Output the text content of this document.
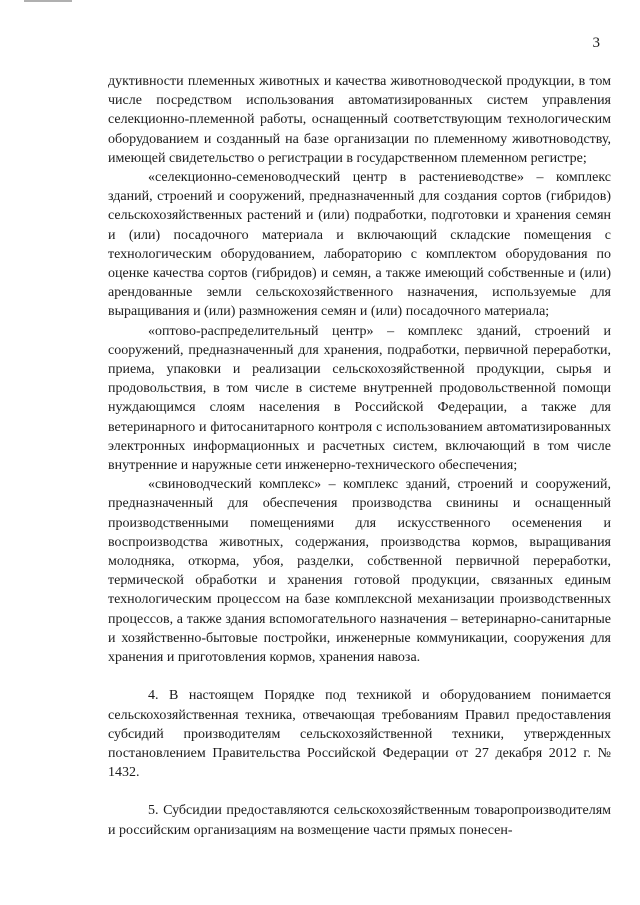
3

дуктивности племенных животных и качества животноводческой продукции, в том числе посредством использования автоматизированных систем управления селекционно-племенной работы, оснащенный соответствующим технологическим оборудованием и созданный на базе организации по племенному животноводству, имеющей свидетельство о регистрации в государственном племенном регистре;

«селекционно-семеноводческий центр в растениеводстве» – комплекс зданий, строений и сооружений, предназначенный для создания сортов (гибридов) сельскохозяйственных растений и (или) подработки, подготовки и хранения семян и (или) посадочного материала и включающий складские помещения с технологическим оборудованием, лабораторию с комплектом оборудования по оценке качества сортов (гибридов) и семян, а также имеющий собственные и (или) арендованные земли сельскохозяйственного назначения, используемые для выращивания и (или) размножения семян и (или) посадочного материала;

«оптово-распределительный центр» – комплекс зданий, строений и сооружений, предназначенный для хранения, подработки, первичной переработки, приема, упаковки и реализации сельскохозяйственной продукции, сырья и продовольствия, в том числе в системе внутренней продовольственной помощи нуждающимся слоям населения в Российской Федерации, а также для ветеринарного и фитосанитарного контроля с использованием автоматизированных электронных информационных и расчетных систем, включающий в том числе внутренние и наружные сети инженерно-технического обеспечения;

«свиноводческий комплекс» – комплекс зданий, строений и сооружений, предназначенный для обеспечения производства свинины и оснащенный производственными помещениями для искусственного осеменения и воспроизводства животных, содержания, производства кормов, выращивания молодняка, откорма, убоя, разделки, собственной первичной переработки, термической обработки и хранения готовой продукции, связанных единым технологическим процессом на базе комплексной механизации производственных процессов, а также здания вспомогательного назначения – ветеринарно-санитарные и хозяйственно-бытовые постройки, инженерные коммуникации, сооружения для хранения и приготовления кормов, хранения навоза.

4. В настоящем Порядке под техникой и оборудованием понимается сельскохозяйственная техника, отвечающая требованиям Правил предоставления субсидий производителям сельскохозяйственной техники, утвержденных постановлением Правительства Российской Федерации от 27 декабря 2012 г. № 1432.

5. Субсидии предоставляются сельскохозяйственным товаропроизводителям и российским организациям на возмещение части прямых понесен-
